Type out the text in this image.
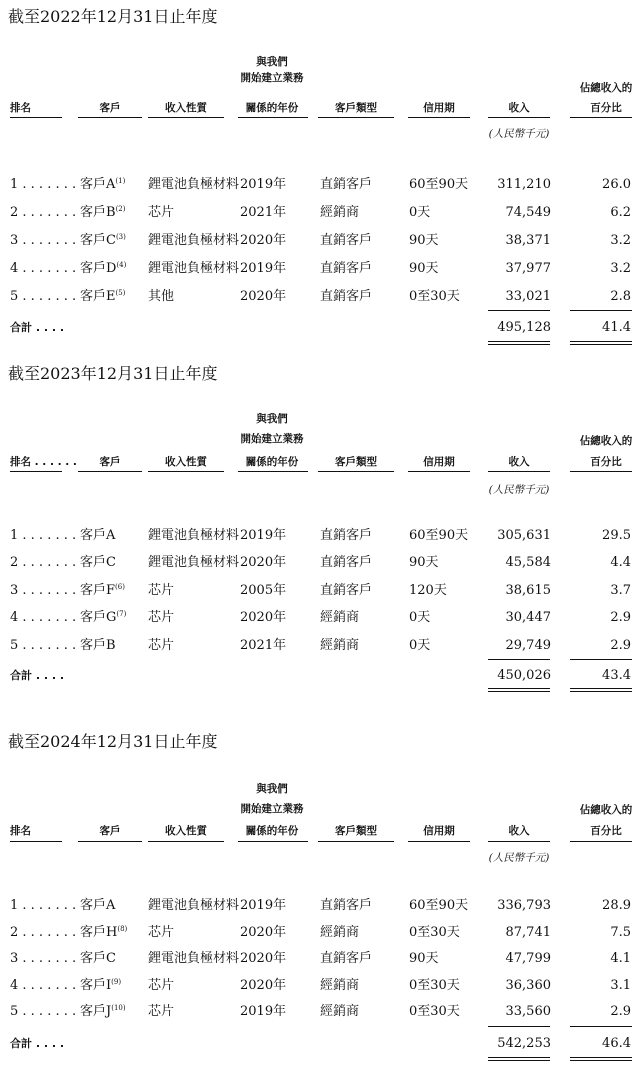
截至2022年12月31日止年度
與我們
開始建立業務
佔總收入的
排名	客戶	收入性質	關係的年份	客戶類型	信用期	收入	百分比
(人民幣千元)
1 . . . . . . . 客戶$A^{(1)}$ 鋰電池負極材料 2019年	直銷客戶	60至90天 311,210	26.0
2 . . . . . . . 客戶$B^{(2)}$ 芯片	2021年	經銷商	0天	74,549	6.2
3 . . . . . . . 客戶$C^{(3)}$ 鋰電池負極材料 2020年	直銷客戶	90天	38,371	3.2
4 . . . . . . . 客戶$D^{(4)}$ 鋰電池負極材料 2019年	直銷客戶	90天	37,977	3.2
5 . . . . . . . 客戶$E^{(5)}$ 其他	2020年	直銷客戶	0至30天	33,021	2.8
合計 . . . .	495,128	41.4
截至2023年12月31日止年度
與我們
開始建立業務	佔總收入的
排名 . . . . . . 客戶	收入性質	關係的年份	客戶類型	信用期	收入	百分比
(人民幣千元)
1 . . . . . . . 客戶A	鋰電池負極材料 2019年	直銷客戶	60至90天 305,631	29.5
2 . . . . . . . 客戶C 鋰電池負極材料 2020年	直銷客戶	90天	45,584	4.4
3 . . . . . . . 客戶$F^{(6)}$ 芯片	2005年	直銷客戶	120天	38,615	3.7
4 . . . . . . . 客戶$G^{(7)}$ 芯片	2020年	經銷商	0天	30,447	2.9
5 . . . . . . . 客戶B 芯片	2021年	經銷商	0天	29,749	2.9
合計 . . . .	450,026	43.4
截至2024年12月31日止年度
與我們
開始建立業務	佔總收入的
排名	客戶	收入性質	關係的年份	客戶類型	信用期	收入	百分比
(人民幣千元)
1 . . . . . . . 客戶A	鋰電池負極材料 2019年	直銷客戶	60至90天 336,793	28.9
2 . . . . . . . 客戶$H^{(8)}$ 芯片	2020年	經銷商	0至30天	87,741	7.5
3 . . . . . . . 客戶C 鋰電池負極材料 2020年	直銷客戶	90天	47,799	4.1
4 . . . . . . . 客戶$I^{(9)}$ 芯片	2020年	經銷商	0至30天	36,360	3.1
5 . . . . . . . 客戶$J^{(10)}$ 芯片	2019年	經銷商	0至30天	33,560	2.9
合計 . . . .	542,253	46.4
